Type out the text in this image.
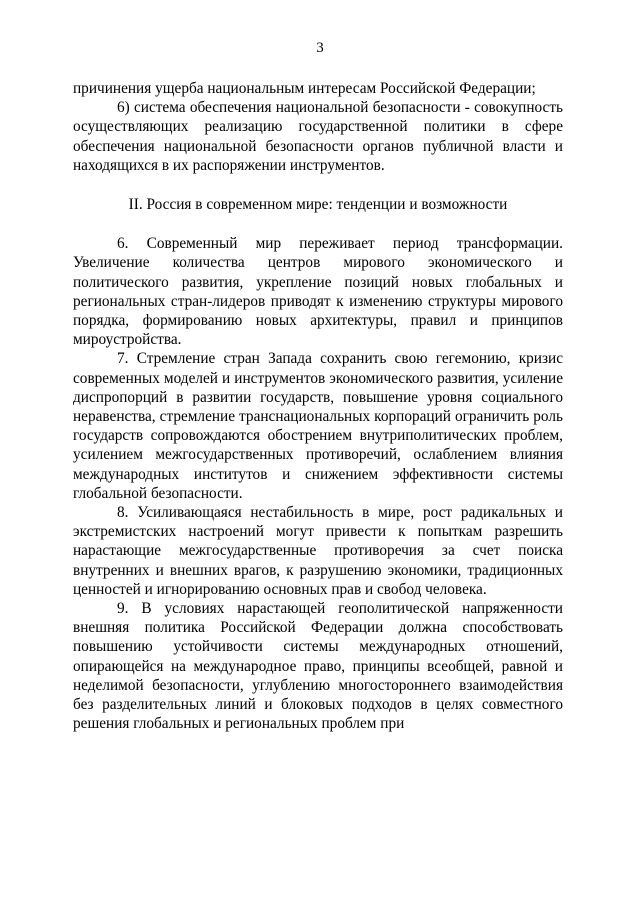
3

причинения ущерба национальным интересам Российской Федерации;

6) система обеспечения национальной безопасности - совокупность осуществляющих реализацию государственной политики в сфере обеспечения национальной безопасности органов публичной власти и находящихся в их распоряжении инструментов.

II. Россия в современном мире: тенденции и возможности

6. Современный мир переживает период трансформации. Увеличение количества центров мирового экономического и политического развития, укрепление позиций новых глобальных и региональных стран-лидеров приводят к изменению структуры мирового порядка, формированию новых архитектуры, правил и принципов мироустройства.

7. Стремление стран Запада сохранить свою гегемонию, кризис современных моделей и инструментов экономического развития, усиление диспропорций в развитии государств, повышение уровня социального неравенства, стремление транснациональных корпораций ограничить роль государств сопровождаются обострением внутриполитических проблем, усилением межгосударственных противоречий, ослаблением влияния международных институтов и снижением эффективности системы глобальной безопасности.

8. Усиливающаяся нестабильность в мире, рост радикальных и экстремистских настроений могут привести к попыткам разрешить нарастающие межгосударственные противоречия за счет поиска внутренних и внешних врагов, к разрушению экономики, традиционных ценностей и игнорированию основных прав и свобод человека.

9. В условиях нарастающей геополитической напряженности внешняя политика Российской Федерации должна способствовать повышению устойчивости системы международных отношений, опирающейся на международное право, принципы всеобщей, равной и неделимой безопасности, углублению многостороннего взаимодействия без разделительных линий и блоковых подходов в целях совместного решения глобальных и региональных проблем при
